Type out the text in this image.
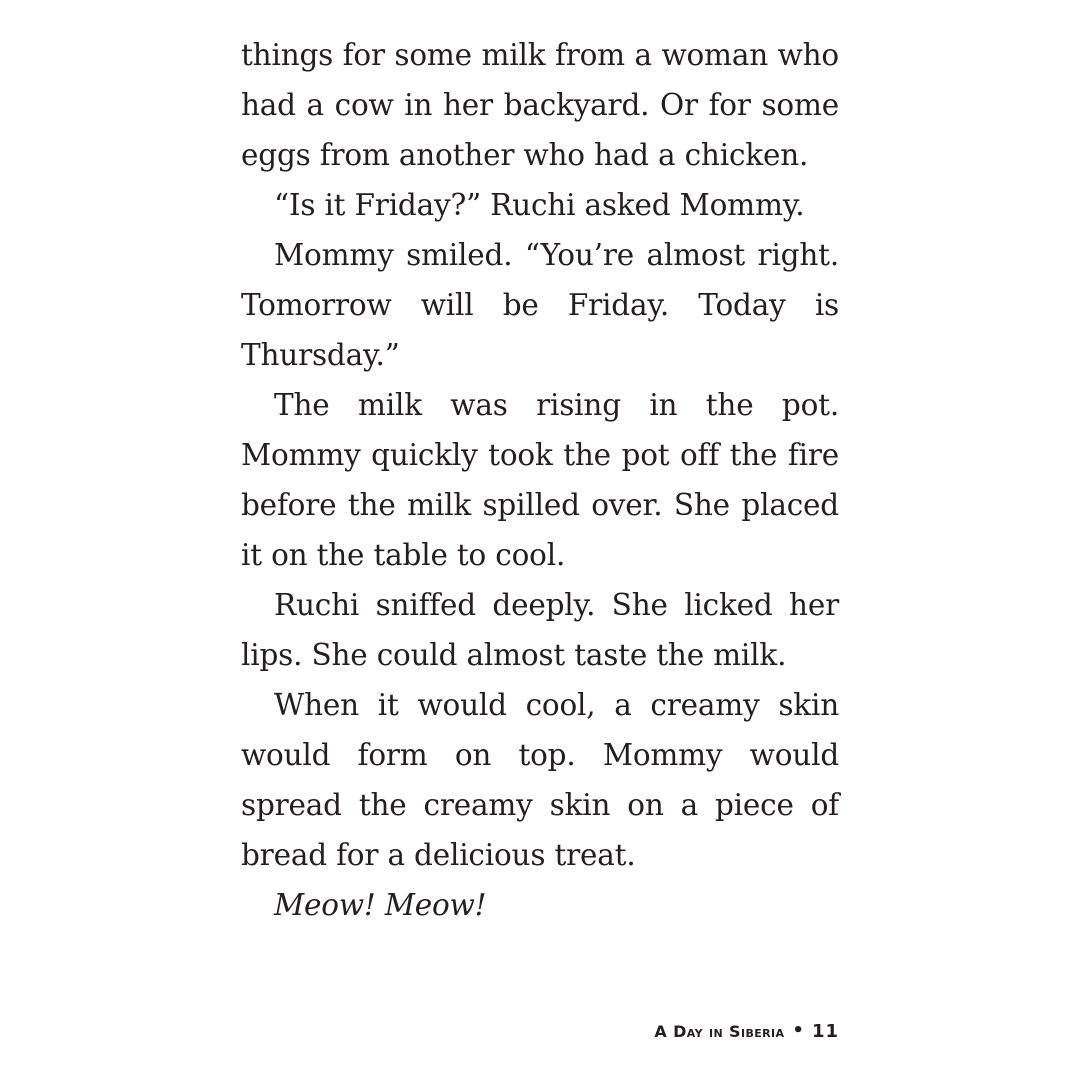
things for some milk from a woman who had a cow in her backyard. Or for some eggs from another who had a chicken.

“Is it Friday?” Ruchi asked Mommy.

Mommy smiled. “You’re almost right. Tomorrow will be Friday. Today is Thursday.”

The milk was rising in the pot. Mommy quickly took the pot off the fire before the milk spilled over. She placed it on the table to cool.

Ruchi sniffed deeply. She licked her lips. She could almost taste the milk.

When it would cool, a creamy skin would form on top. Mommy would spread the creamy skin on a piece of bread for a delicious treat.

Meow! Meow!

A Day in Siberia • 11
